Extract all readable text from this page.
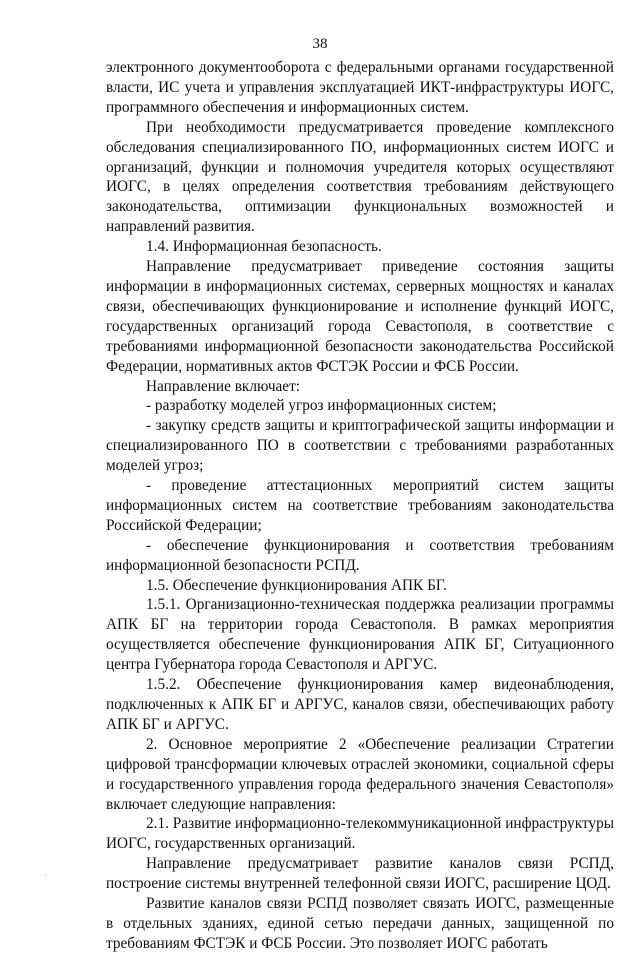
38

электронного документооборота с федеральными органами государственной власти, ИС учета и управления эксплуатацией ИКТ-инфраструктуры ИОГС, программного обеспечения и информационных систем.

При необходимости предусматривается проведение комплексного обследования специализированного ПО, информационных систем ИОГС и организаций, функции и полномочия учредителя которых осуществляют ИОГС, в целях определения соответствия требованиям действующего законодательства, оптимизации функциональных возможностей и направлений развития.

1.4. Информационная безопасность.

Направление предусматривает приведение состояния защиты информации в информационных системах, серверных мощностях и каналах связи, обеспечивающих функционирование и исполнение функций ИОГС, государственных организаций города Севастополя, в соответствие с требованиями информационной безопасности законодательства Российской Федерации, нормативных актов ФСТЭК России и ФСБ России.

Направление включает:

- разработку моделей угроз информационных систем;

- закупку средств защиты и криптографической защиты информации и специализированного ПО в соответствии с требованиями разработанных моделей угроз;

- проведение аттестационных мероприятий систем защиты информационных систем на соответствие требованиям законодательства Российской Федерации;

- обеспечение функционирования и соответствия требованиям информационной безопасности РСПД.

1.5. Обеспечение функционирования АПК БГ.

1.5.1. Организационно-техническая поддержка реализации программы АПК БГ на территории города Севастополя. В рамках мероприятия осуществляется обеспечение функционирования АПК БГ, Ситуационного центра Губернатора города Севастополя и АРГУС.

1.5.2. Обеспечение функционирования камер видеонаблюдения, подключенных к АПК БГ и АРГУС, каналов связи, обеспечивающих работу АПК БГ и АРГУС.

2. Основное мероприятие 2 «Обеспечение реализации Стратегии цифровой трансформации ключевых отраслей экономики, социальной сферы и государственного управления города федерального значения Севастополя» включает следующие направления:

2.1. Развитие информационно-телекоммуникационной инфраструктуры ИОГС, государственных организаций.

Направление предусматривает развитие каналов связи РСПД, построение системы внутренней телефонной связи ИОГС, расширение ЦОД.

Развитие каналов связи РСПД позволяет связать ИОГС, размещенные в отдельных зданиях, единой сетью передачи данных, защищенной по требованиям ФСТЭК и ФСБ России. Это позволяет ИОГС работать

·
